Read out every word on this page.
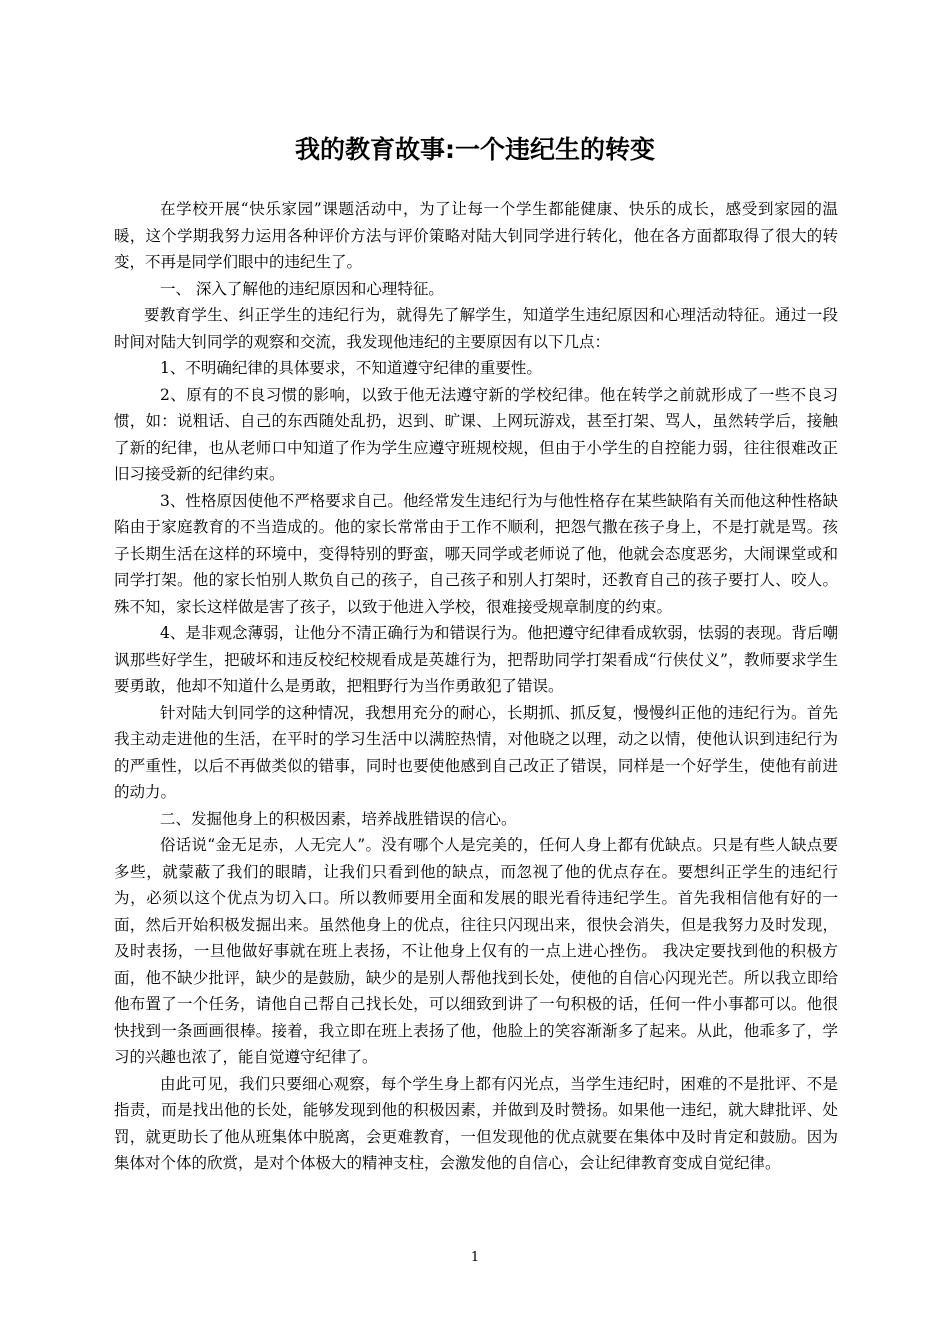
我的教育故事:一个违纪生的转变

在学校开展“快乐家园”课题活动中，为了让每一个学生都能健康、快乐的成长，感受到家园的温暖，这个学期我努力运用各种评价方法与评价策略对陆大钊同学进行转化，他在各方面都取得了很大的转变，不再是同学们眼中的违纪生了。

一、 深入了解他的违纪原因和心理特征。

要教育学生、纠正学生的违纪行为，就得先了解学生，知道学生违纪原因和心理活动特征。通过一段时间对陆大钊同学的观察和交流，我发现他违纪的主要原因有以下几点：

1、不明确纪律的具体要求，不知道遵守纪律的重要性。

2、原有的不良习惯的影响，以致于他无法遵守新的学校纪律。他在转学之前就形成了一些不良习惯，如：说粗话、自己的东西随处乱扔，迟到、旷课、上网玩游戏，甚至打架、骂人，虽然转学后，接触了新的纪律，也从老师口中知道了作为学生应遵守班规校规，但由于小学生的自控能力弱，往往很难改正旧习接受新的纪律约束。

3、性格原因使他不严格要求自己。他经常发生违纪行为与他性格存在某些缺陷有关而他这种性格缺陷由于家庭教育的不当造成的。他的家长常常由于工作不顺利，把怨气撒在孩子身上，不是打就是骂。孩子长期生活在这样的环境中，变得特别的野蛮，哪天同学或老师说了他，他就会态度恶劣，大闹课堂或和同学打架。他的家长怕别人欺负自己的孩子，自己孩子和别人打架时，还教育自己的孩子要打人、咬人。殊不知，家长这样做是害了孩子，以致于他进入学校，很难接受规章制度的约束。

4、是非观念薄弱，让他分不清正确行为和错误行为。他把遵守纪律看成软弱，怯弱的表现。背后嘲讽那些好学生，把破坏和违反校纪校规看成是英雄行为，把帮助同学打架看成“行侠仗义”，教师要求学生要勇敢，他却不知道什么是勇敢，把粗野行为当作勇敢犯了错误。

针对陆大钊同学的这种情况，我想用充分的耐心，长期抓、抓反复，慢慢纠正他的违纪行为。首先我主动走进他的生活，在平时的学习生活中以满腔热情，对他晓之以理，动之以情，使他认识到违纪行为的严重性，以后不再做类似的错事，同时也要使他感到自己改正了错误，同样是一个好学生，使他有前进的动力。

二、发掘他身上的积极因素，培养战胜错误的信心。

俗话说“金无足赤，人无完人”。没有哪个人是完美的，任何人身上都有优缺点。只是有些人缺点要多些，就蒙蔽了我们的眼睛，让我们只看到他的缺点，而忽视了他的优点存在。要想纠正学生的违纪行为，必须以这个优点为切入口。所以教师要用全面和发展的眼光看待违纪学生。首先我相信他有好的一面，然后开始积极发掘出来。虽然他身上的优点，往往只闪现出来，很快会消失，但是我努力及时发现，及时表扬，一旦他做好事就在班上表扬，不让他身上仅有的一点上进心挫伤。 我决定要找到他的积极方面，他不缺少批评，缺少的是鼓励，缺少的是别人帮他找到长处，使他的自信心闪现光芒。所以我立即给他布置了一个任务，请他自己帮自己找长处，可以细致到讲了一句积极的话，任何一件小事都可以。他很快找到一条画画很棒。接着，我立即在班上表扬了他，他脸上的笑容渐渐多了起来。从此，他乖多了，学习的兴趣也浓了，能自觉遵守纪律了。

由此可见，我们只要细心观察，每个学生身上都有闪光点，当学生违纪时，困难的不是批评、不是指责，而是找出他的长处，能够发现到他的积极因素，并做到及时赞扬。如果他一违纪，就大肆批评、处罚，就更助长了他从班集体中脱离，会更难教育，一但发现他的优点就要在集体中及时肯定和鼓励。因为集体对个体的欣赏，是对个体极大的精神支柱，会激发他的自信心，会让纪律教育变成自觉纪律。

1
